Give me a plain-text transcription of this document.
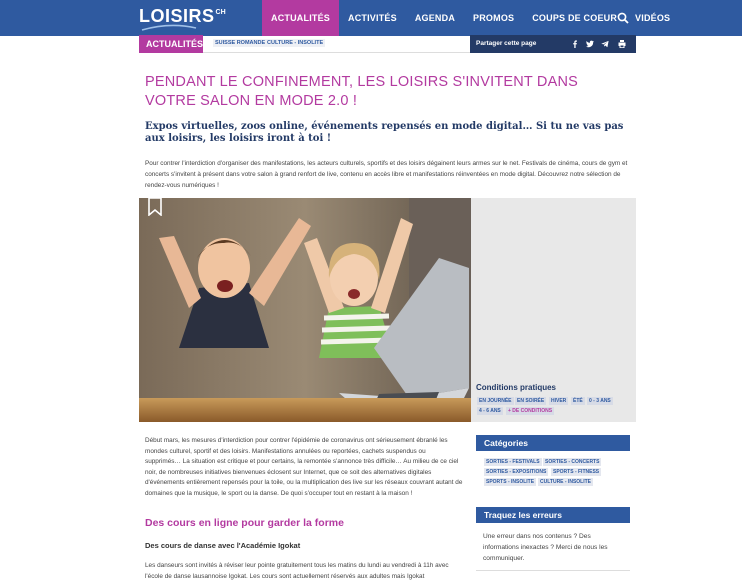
LOISIRS CH
ACTUALITÉS	ACTIVITÉS	AGENDA	PROMOS	COUPS DE COEUR	VIDÉOS
ACTUALITÉS	SUISSE ROMANDE CULTURE - INSOLITE	Partager cette page
PENDANT LE CONFINEMENT, LES LOISIRS S'INVITENT DANS VOTRE SALON EN MODE 2.0 !

Expos virtuelles, zoos online, événements repensés en mode digital… Si tu ne vas pas aux loisirs, les loisirs iront à toi !

Pour contrer l'interdiction d'organiser des manifestations, les acteurs culturels, sportifs et des loisirs dégainent leurs armes sur le net. Festivals de cinéma, cours de gym et concerts s'invitent à présent dans votre salon à grand renfort de live, contenu en accès libre et manifestations réinventées en mode digital. Découvrez notre sélection de rendez-vous numériques !

Conditions pratiques
EN JOURNÉE	EN SOIRÉE	HIVER	ÉTÉ	0 - 3 ANS
4 - 6 ANS	+ DE CONDITIONS

Début mars, les mesures d'interdiction pour contrer l'épidémie de coronavirus ont sérieusement ébranlé les mondes culturel, sportif et des loisirs. Manifestations annulées ou reportées, cachets suspendus ou supprimés… La situation est critique et pour certains, la remontée s'annonce très difficile… Au milieu de ce ciel noir, de nombreuses initiatives bienvenues éclosent sur Internet, que ce soit des alternatives digitales d'événements entièrement repensés pour la toile, ou la multiplication des live sur les réseaux couvrant autant de domaines que la musique, le sport ou la danse. De quoi s'occuper tout en restant à la maison !

Des cours en ligne pour garder la forme
Des cours de danse avec l'Académie Igokat

Les danseurs sont invités à réviser leur pointe gratuitement tous les matins du lundi au vendredi à 11h avec l'école de danse lausannoise Igokat. Les cours sont actuellement réservés aux adultes mais Igokat

Catégories
SORTIES - FESTIVALS	SORTIES - CONCERTS
SORTIES - EXPOSITIONS	SPORTS - FITNESS
SPORTS - INSOLITE	CULTURE - INSOLITE
Traquez les erreurs

Une erreur dans nos contenus ? Des informations inexactes ? Merci de nous les communiquer.
